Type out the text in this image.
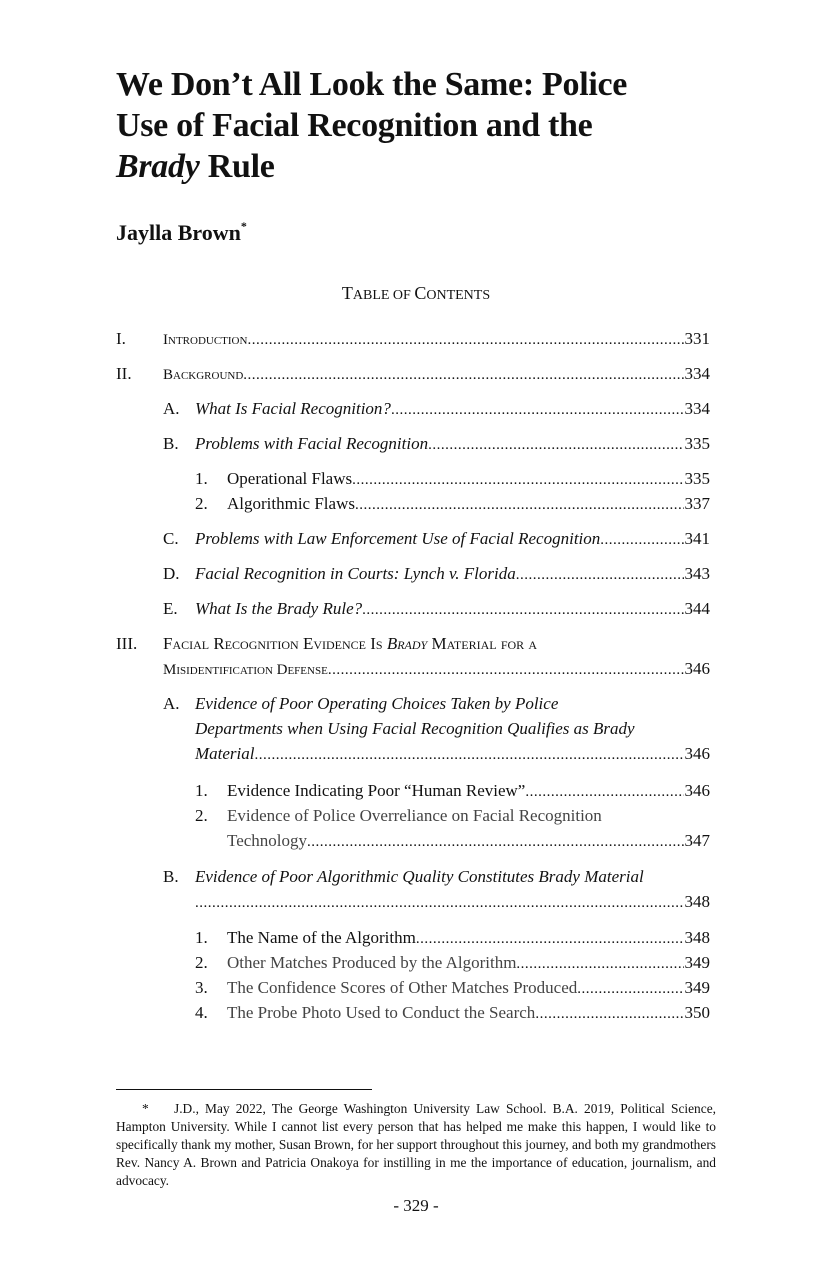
We Don’t All Look the Same: Police
Use of Facial Recognition and the
Brady Rule
Jaylla Brown*
TABLE OF CONTENTS
I. Introduction .....	331
II. Background .....	334
A. What Is Facial Recognition? .....	334
B. Problems with Facial Recognition .....	335
1. Operational Flaws .....	335
2. Algorithmic Flaws .....	337
C. Problems with Law Enforcement Use of Facial Recognition .....	341
D. Facial Recognition in Courts: Lynch v. Florida .....	343
E. What Is the Brady Rule? .....	344
III. Facial Recognition Evidence Is Brady Material for a
Misidentification Defense .....	346
A. Evidence of Poor Operating Choices Taken by Police
Departments when Using Facial Recognition Qualifies as Brady
Material .....	346
1. Evidence Indicating Poor “Human Review” .....	346
2. Evidence of Police Overreliance on Facial Recognition
Technology .....	347
B. Evidence of Poor Algorithmic Quality Constitutes Brady Material
.....
348
1. The Name of the Algorithm .....	348
2. Other Matches Produced by the Algorithm .....	349
3. The Confidence Scores of Other Matches Produced .....	349
4. The Probe Photo Used to Conduct the Search .....	350
* J.D., May 2022, The George Washington University Law School. B.A. 2019, Political Science, Hampton University. While I cannot list every person that has helped me make this happen, I would like to specifically thank my mother, Susan Brown, for her support throughout this journey, and both my grandmothers Rev. Nancy A. Brown and Patricia Onakoya for instilling in me the importance of education, journalism, and advocacy.
- 329 -
